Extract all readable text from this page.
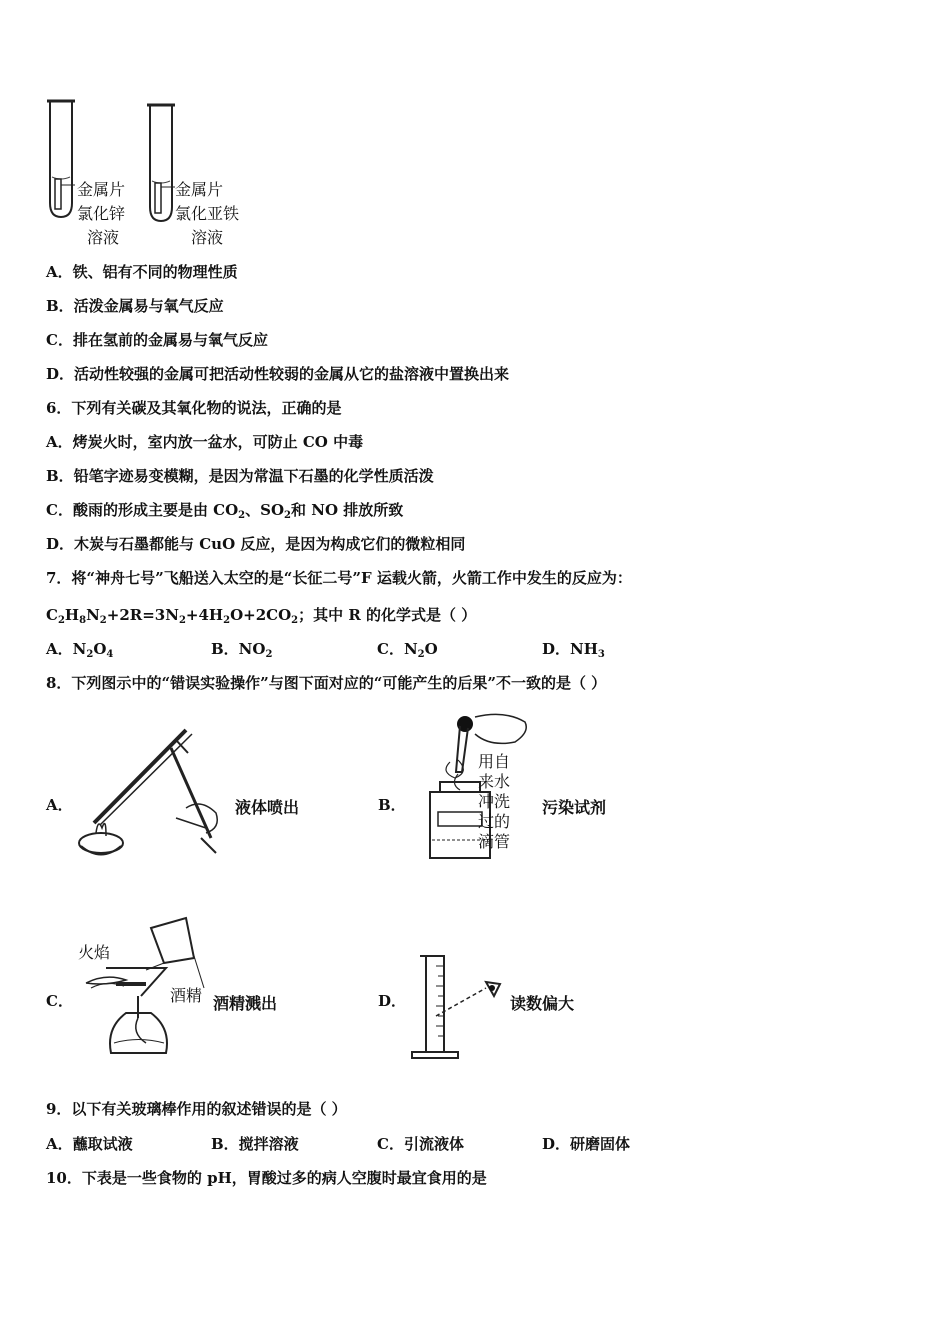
金属片
氯化锌
溶液
金属片
氯化亚铁
溶液
A．铁、铝有不同的物理性质
B．活泼金属易与氧气反应
C．排在氢前的金属易与氧气反应
D．活动性较强的金属可把活动性较弱的金属从它的盐溶液中置换出来
6．下列有关碳及其氧化物的说法，正确的是
A．烤炭火时，室内放一盆水，可防止 CO 中毒
B．铅笔字迹易变模糊，是因为常温下石墨的化学性质活泼
C．酸雨的形成主要是由 $CO_2$、$SO_2$和 NO 排放所致
D．木炭与石墨都能与 CuO 反应，是因为构成它们的微粒相同
7．将“神舟七号”飞船送入太空的是“长征二号”F 运载火箭，火箭工作中发生的反应为：
$C_2H_8N_2+2R=3N_2+4H_2O+2CO_2$；其中 R 的化学式是（ ）
A．$N_2O_4$	B．$NO_2$	C．$N_2O$	D．$NH_3$
8．下列图示中的“错误实验操作”与图下面对应的“可能产生的后果”不一致的是（ ）
A．	液体喷出	B．
用自
来水
冲洗
过的
滴管
污染试剂
C．
火焰
酒精 酒精溅出	D．	读数偏大
9．以下有关玻璃棒作用的叙述错误的是（ ）
A．蘸取试液	B．搅拌溶液	C．引流液体	D．研磨固体
10．下表是一些食物的 pH，胃酸过多的病人空腹时最宜食用的是
